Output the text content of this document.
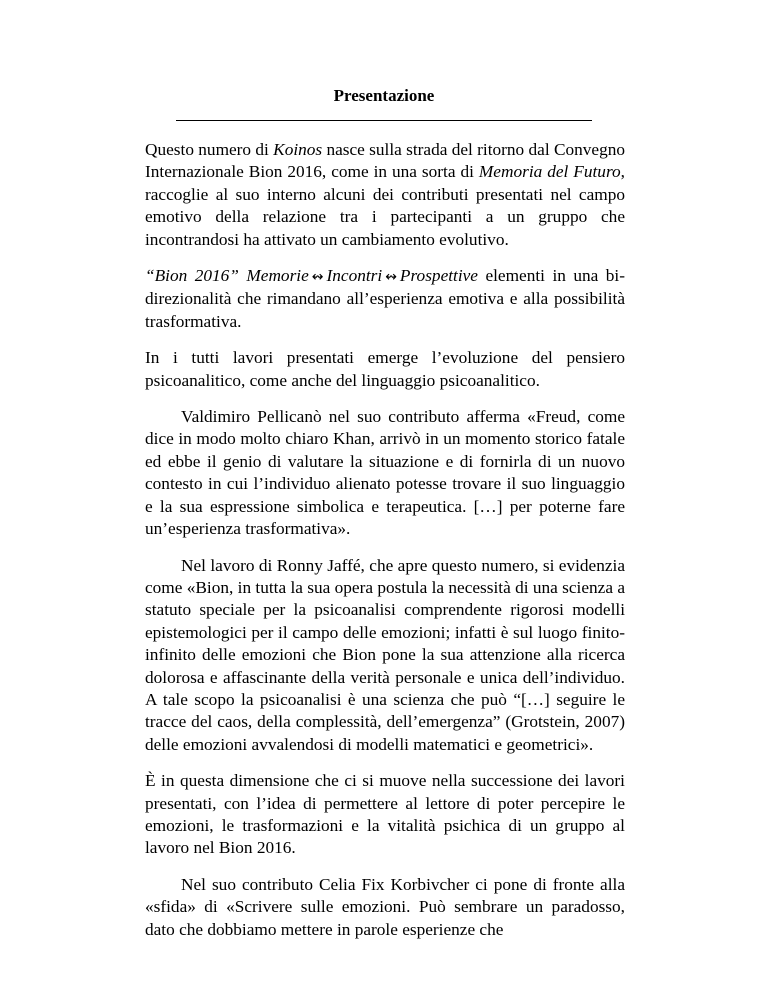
Presentazione

Questo numero di Koinos nasce sulla strada del ritorno dal Convegno Internazionale Bion 2016, come in una sorta di Memoria del Futuro, raccoglie al suo interno alcuni dei contributi presentati nel campo emotivo della relazione tra i partecipanti a un gruppo che incontrandosi ha attivato un cambiamento evolutivo.

“Bion 2016” Memorie ↭ Incontri ↭ Prospettive elementi in una bi-direzionalità che rimandano all’esperienza emotiva e alla possibilità trasformativa.

In i tutti lavori presentati emerge l’evoluzione del pensiero psicoanalitico, come anche del linguaggio psicoanalitico.

Valdimiro Pellicanò nel suo contributo afferma «Freud, come dice in modo molto chiaro Khan, arrivò in un momento storico fatale ed ebbe il genio di valutare la situazione e di fornirla di un nuovo contesto in cui l’individuo alienato potesse trovare il suo linguaggio e la sua espressione simbolica e terapeutica. […] per poterne fare un’esperienza trasformativa».

Nel lavoro di Ronny Jaffé, che apre questo numero, si evidenzia come «Bion, in tutta la sua opera postula la necessità di una scienza a statuto speciale per la psicoanalisi comprendente rigorosi modelli epistemologici per il campo delle emozioni; infatti è sul luogo finito-infinito delle emozioni che Bion pone la sua attenzione alla ricerca dolorosa e affascinante della verità personale e unica dell’individuo. A tale scopo la psicoanalisi è una scienza che può “[…] seguire le tracce del caos, della complessità, dell’emergenza” (Grotstein, 2007) delle emozioni avvalendosi di modelli matematici e geometrici».

È in questa dimensione che ci si muove nella successione dei lavori presentati, con l’idea di permettere al lettore di poter percepire le emozioni, le trasformazioni e la vitalità psichica di un gruppo al lavoro nel Bion 2016.

Nel suo contributo Celia Fix Korbivcher ci pone di fronte alla «sfida» di «Scrivere sulle emozioni. Può sembrare un paradosso, dato che dobbiamo mettere in parole esperienze che
